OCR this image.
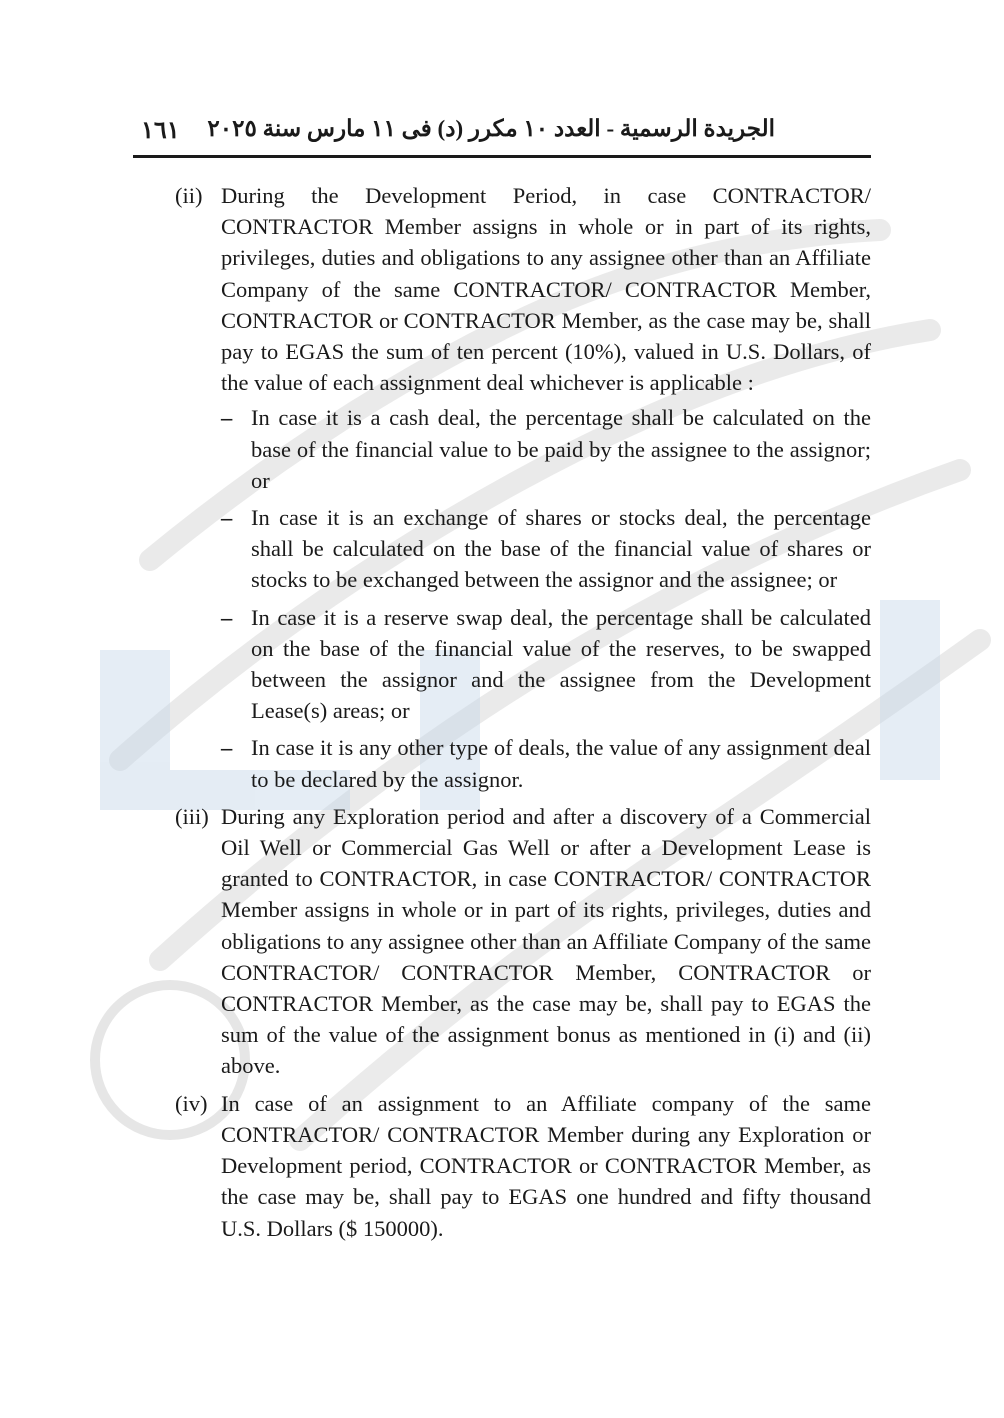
١٦١ الجريدة الرسمية - العدد ١٠ مكرر (د) فى ١١ مارس سنة ٢٠٢٥
(ii) During the Development Period, in case CONTRACTOR/ CONTRACTOR Member assigns in whole or in part of its rights, privileges, duties and obligations to any assignee other than an Affiliate Company of the same CONTRACTOR/ CONTRACTOR Member, CONTRACTOR or CONTRACTOR Member, as the case may be, shall pay to EGAS the sum of ten percent (10%), valued in U.S. Dollars, of the value of each assignment deal whichever is applicable :
– In case it is a cash deal, the percentage shall be calculated on the base of the financial value to be paid by the assignee to the assignor; or
– In case it is an exchange of shares or stocks deal, the percentage shall be calculated on the base of the financial value of shares or stocks to be exchanged between the assignor and the assignee; or
– In case it is a reserve swap deal, the percentage shall be calculated on the base of the financial value of the reserves, to be swapped between the assignor and the assignee from the Development Lease(s) areas; or
– In case it is any other type of deals, the value of any assignment deal to be declared by the assignor.
(iii) During any Exploration period and after a discovery of a Commercial Oil Well or Commercial Gas Well or after a Development Lease is granted to CONTRACTOR, in case CONTRACTOR/ CONTRACTOR Member assigns in whole or in part of its rights, privileges, duties and obligations to any assignee other than an Affiliate Company of the same CONTRACTOR/ CONTRACTOR Member, CONTRACTOR or CONTRACTOR Member, as the case may be, shall pay to EGAS the sum of the value of the assignment bonus as mentioned in (i) and (ii) above.
(iv) In case of an assignment to an Affiliate company of the same CONTRACTOR/ CONTRACTOR Member during any Exploration or Development period, CONTRACTOR or CONTRACTOR Member, as the case may be, shall pay to EGAS one hundred and fifty thousand U.S. Dollars ($ 150000).
